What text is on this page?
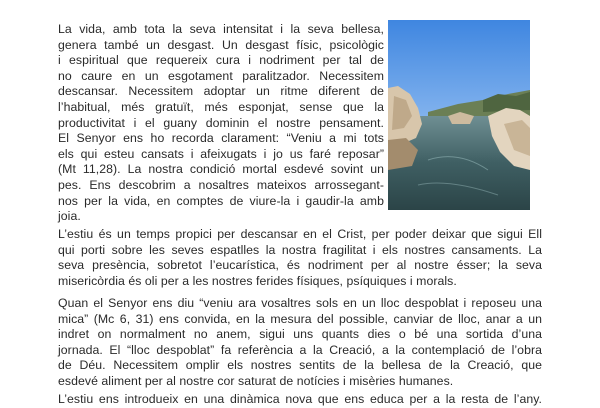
La vida, amb tota la seva intensitat i la seva bellesa,
genera també un desgast. Un desgast físic, psicològic
i espiritual que requereix cura i nodriment per tal de
no caure en un esgotament paralitzador. Necessitem
descansar. Necessitem adoptar un ritme diferent de
l’habitual, més gratuït, més esponjat, sense que la
productivitat i el guany dominin el nostre pensament.
El Senyor ens ho recorda clarament: “Veniu a mi tots
els qui esteu cansats i afeixugats i jo us faré reposar”
(Mt 11,28). La nostra condició mortal esdevé sovint un
pes. Ens descobrim a nosaltres mateixos arrossegant-
nos per la vida, en comptes de viure-la i gaudir-la amb
joia.
L’estiu és un temps propici per descansar en el Crist, per poder deixar que sigui Ell
qui porti sobre les seves espatlles la nostra fragilitat i els nostres cansaments. La
seva presència, sobretot l’eucarística, és nodriment per al nostre ésser; la seva
misericòrdia és oli per a les nostres ferides físiques, psíquiques i morals.
Quan el Senyor ens diu “veniu ara vosaltres sols en un lloc despoblat i reposeu una
mica” (Mc 6, 31) ens convida, en la mesura del possible, canviar de lloc, anar a un
indret on normalment no anem, sigui uns quants dies o bé una sortida d’una
jornada. El “lloc despoblat” fa referència a la Creació, a la contemplació de l’obra
de Déu. Necessitem omplir els nostres sentits de la bellesa de la Creació, que
esdevé aliment per al nostre cor saturat de notícies i misèries humanes.
L’estiu ens introdueix en una dinàmica nova que ens educa per a la resta de l’any.
